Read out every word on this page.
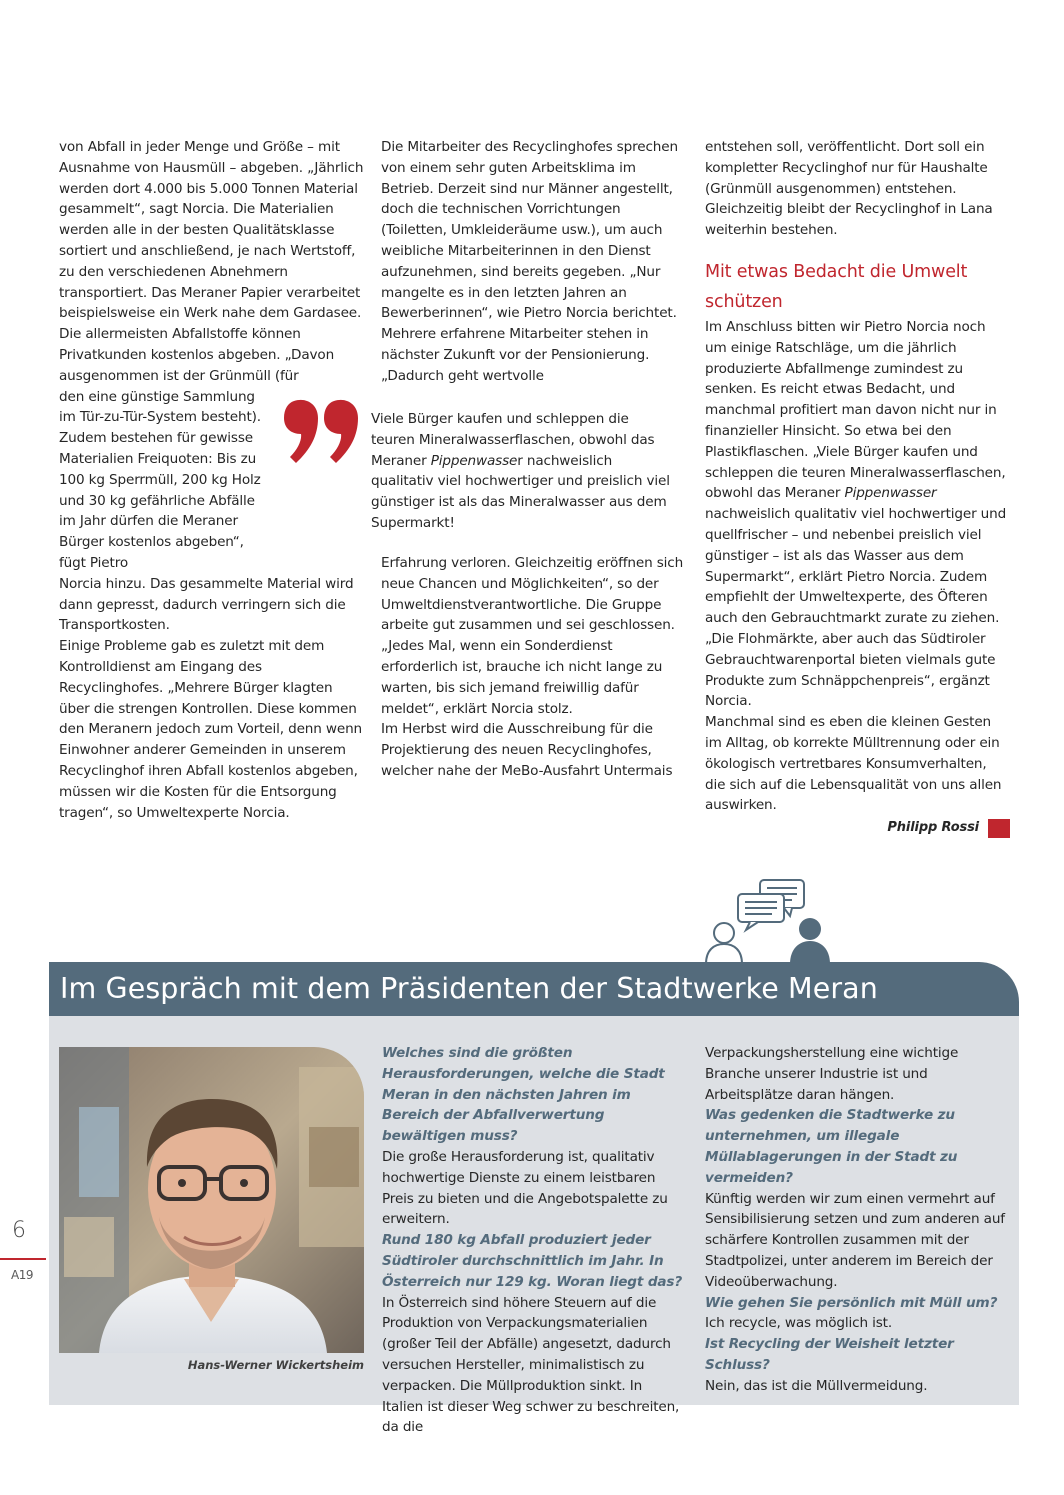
von Abfall in jeder Menge und Größe – mit Ausnahme von Hausmüll – abgeben. „Jährlich werden dort 4.000 bis 5.000 Tonnen Material gesammelt“, sagt Norcia. Die Materialien werden alle in der besten Qualitätsklasse sortiert und anschließend, je nach Wertstoff, zu den verschiedenen Abnehmern transportiert. Das Meraner Papier verarbeitet beispielsweise ein Werk nahe dem Gardasee.

Die allermeisten Abfallstoffe können Privatkunden kostenlos abgeben. „Davon ausgenommen ist der Grünmüll (für

den eine günstige Sammlung im Tür-zu-Tür-System besteht). Zudem bestehen für gewisse Materialien Freiquoten: Bis zu 100 kg Sperrmüll, 200 kg Holz und 30 kg gefährliche Abfälle im Jahr dürfen die Meraner Bürger kostenlos abgeben“, fügt Pietro

Norcia hinzu. Das gesammelte Material wird dann gepresst, dadurch verringern sich die Transportkosten.

Einige Probleme gab es zuletzt mit dem Kontrolldienst am Eingang des Recyclinghofes. „Mehrere Bürger klagten über die strengen Kontrollen. Diese kommen den Meranern jedoch zum Vorteil, denn wenn Einwohner anderer Gemeinden in unserem Recyclinghof ihren Abfall kostenlos abgeben, müssen wir die Kosten für die Entsorgung tragen“, so Umweltexperte Norcia.

Die Mitarbeiter des Recyclinghofes sprechen von einem sehr guten Arbeitsklima im Betrieb. Derzeit sind nur Männer angestellt, doch die technischen Vorrichtungen (Toiletten, Umkleideräume usw.), um auch weibliche Mitarbeiterinnen in den Dienst aufzunehmen, sind bereits gegeben. „Nur mangelte es in den letzten Jahren an Bewerberinnen“, wie Pietro Norcia berichtet. Mehrere erfahrene Mitarbeiter stehen in nächster Zukunft vor der Pensionierung. „Dadurch geht wertvolle

Viele Bürger kaufen und schleppen die teuren Mineralwasserflaschen, obwohl das Meraner Pippenwasser nachweislich qualitativ viel hochwertiger und preislich viel günstiger ist als das Mineralwasser aus dem Supermarkt!

Erfahrung verloren. Gleichzeitig eröffnen sich neue Chancen und Möglichkeiten“, so der Umweltdienstverantwortliche. Die Gruppe arbeite gut zusammen und sei geschlossen. „Jedes Mal, wenn ein Sonderdienst erforderlich ist, brauche ich nicht lange zu warten, bis sich jemand freiwillig dafür meldet“, erklärt Norcia stolz.

Im Herbst wird die Ausschreibung für die Projektierung des neuen Recyclinghofes, welcher nahe der MeBo-Ausfahrt Untermais

entstehen soll, veröffentlicht. Dort soll ein kompletter Recyclinghof nur für Haushalte (Grünmüll ausgenommen) entstehen. Gleichzeitig bleibt der Recyclinghof in Lana weiterhin bestehen.

Mit etwas Bedacht die Umwelt schützen

Im Anschluss bitten wir Pietro Norcia noch um einige Ratschläge, um die jährlich produzierte Abfallmenge zumindest zu senken. Es reicht etwas Bedacht, und manchmal profitiert man davon nicht nur in finanzieller Hinsicht. So etwa bei den Plastikflaschen. „Viele Bürger kaufen und schleppen die teuren Mineralwasserflaschen, obwohl das Meraner Pippenwasser nachweislich qualitativ viel hochwertiger und quellfrischer – und nebenbei preislich viel günstiger – ist als das Wasser aus dem Supermarkt“, erklärt Pietro Norcia. Zudem empfiehlt der Umweltexperte, des Öfteren auch den Gebrauchtmarkt zurate zu ziehen. „Die Flohmärkte, aber auch das Südtiroler Gebrauchtwarenportal bieten vielmals gute Produkte zum Schnäppchenpreis“, ergänzt Norcia.

Manchmal sind es eben die kleinen Gesten im Alltag, ob korrekte Mülltrennung oder ein ökologisch vertretbares Konsumverhalten, die sich auf die Lebensqualität von uns allen auswirken.

Philipp Rossi
Im Gespräch mit dem Präsidenten der Stadtwerke Meran
Hans-Werner Wickertsheim

Welches sind die größten Herausforderungen, welche die Stadt Meran in den nächsten Jahren im Bereich der Abfallverwertung bewältigen muss?

Die große Herausforderung ist, qualitativ hochwertige Dienste zu einem leistbaren Preis zu bieten und die Angebotspalette zu erweitern.

Rund 180 kg Abfall produziert jeder Südtiroler durchschnittlich im Jahr. In Österreich nur 129 kg. Woran liegt das?

In Österreich sind höhere Steuern auf die Produktion von Verpackungsmaterialien (großer Teil der Abfälle) angesetzt, dadurch versuchen Hersteller, minimalistisch zu verpacken. Die Müllproduktion sinkt. In Italien ist dieser Weg schwer zu beschreiten, da die

Verpackungsherstellung eine wichtige Branche unserer Industrie ist und Arbeitsplätze daran hängen.

Was gedenken die Stadtwerke zu unternehmen, um illegale Müllablagerungen in der Stadt zu vermeiden?

Künftig werden wir zum einen vermehrt auf Sensibilisierung setzen und zum anderen auf schärfere Kontrollen zusammen mit der Stadtpolizei, unter anderem im Bereich der Videoüberwachung.

Wie gehen Sie persönlich mit Müll um?

Ich recycle, was möglich ist.

Ist Recycling der Weisheit letzter Schluss?

Nein, das ist die Müllvermeidung.

6
A19
